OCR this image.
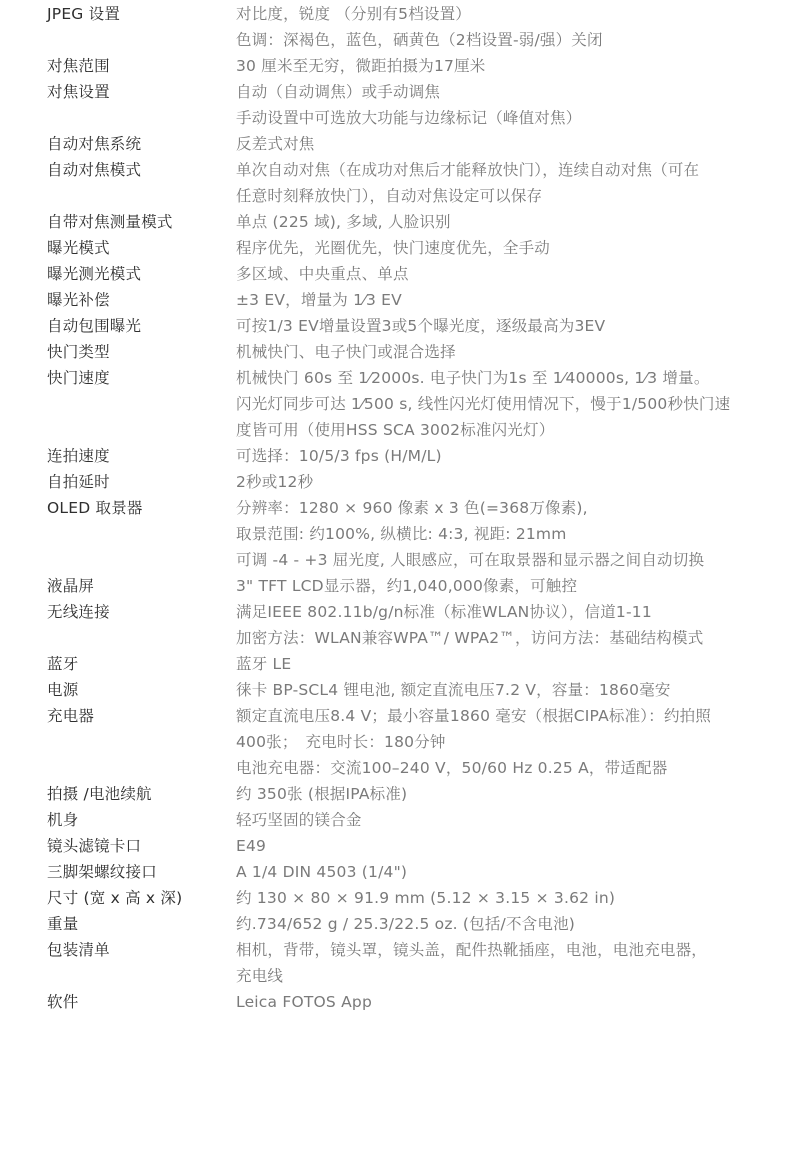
JPEG 设置	对比度，锐度 （分别有5档设置）
色调：深褐色，蓝色，硒黄色（2档设置-弱/强）关闭
对焦范围	30 厘米至无穷，微距拍摄为17厘米
对焦设置	自动（自动调焦）或手动调焦
手动设置中可选放大功能与边缘标记（峰值对焦）
自动对焦系统	反差式对焦
自动对焦模式	单次自动对焦（在成功对焦后才能释放快门），连续自动对焦（可在
任意时刻释放快门），自动对焦设定可以保存
自带对焦测量模式	单点 (225 域), 多域, 人脸识别
曝光模式	程序优先，光圈优先，快门速度优先，全手动
曝光测光模式	多区域、中央重点、单点
曝光补偿	±3 EV，增量为 1⁄3 EV
自动包围曝光	可按1/3 EV增量设置3或5个曝光度，逐级最高为3EV
快门类型	机械快门、电子快门或混合选择
快门速度	机械快门 60s 至 1⁄2000s. 电子快门为1s 至 1⁄40000s, 1⁄3 增量。
闪光灯同步可达 1⁄500 s, 线性闪光灯使用情况下，慢于1/500秒快门速
度皆可用（使用HSS SCA 3002标准闪光灯）
连拍速度	可选择：10/5/3 fps (H/M/L)
自拍延时	2秒或12秒
OLED 取景器	分辨率：1280 × 960 像素 x 3 色(=368万像素),
取景范围: 约100%, 纵横比: 4:3, 视距: 21mm
可调 -4 - +3 屈光度, 人眼感应，可在取景器和显示器之间自动切换
液晶屏	3" TFT LCD显示器，约1,040,000像素，可触控
无线连接	满足IEEE 802.11b/g/n标准（标准WLAN协议），信道1-11
加密方法：WLAN兼容WPA™/ WPA2™，访问方法：基础结构模式
蓝牙	蓝牙 LE
电源	徕卡 BP-SCL4 锂电池, 额定直流电压7.2 V，容量：1860毫安
充电器	额定直流电压8.4 V；最小容量1860 毫安（根据CIPA标准）：约拍照
400张；　充电时长：180分钟
电池充电器：交流100–240 V，50/60 Hz 0.25 A，带适配器
拍摄 /电池续航	约 350张 (根据IPA标准)
机身	轻巧坚固的镁合金
镜头滤镜卡口	E49
三脚架螺纹接口	A 1/4 DIN 4503 (1/4")
尺寸 (宽 x 高 x 深)	约 130 × 80 × 91.9 mm (5.12 × 3.15 × 3.62 in)
重量	约.734/652 g / 25.3/22.5 oz. (包括/不含电池)
包装清单	相机，背带，镜头罩，镜头盖，配件热靴插座，电池，电池充电器，
充电线
软件	Leica FOTOS App
